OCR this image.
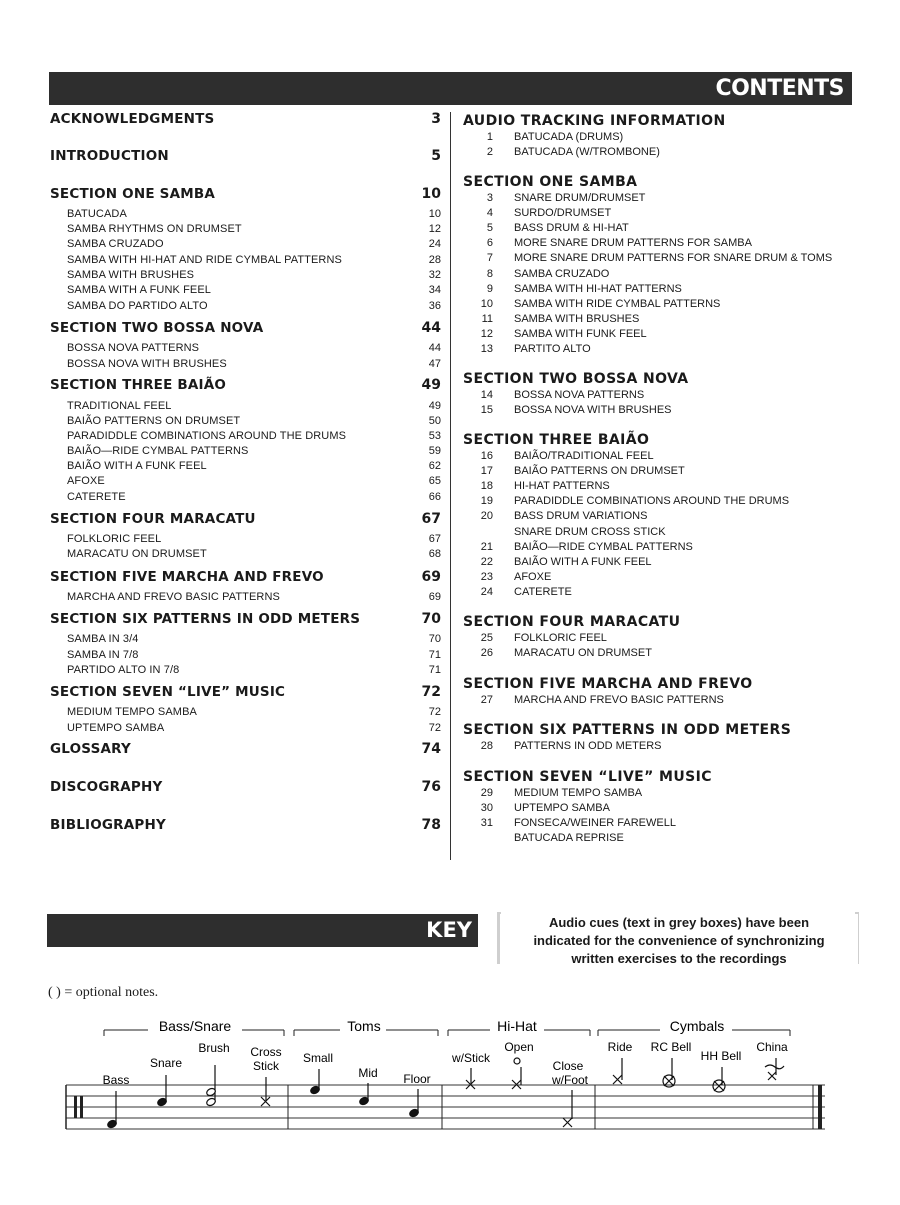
CONTENTS
ACKNOWLEDGMENTS	3
INTRODUCTION	5
SECTION ONE SAMBA	10
BATUCADA	10
SAMBA RHYTHMS ON DRUMSET	12
SAMBA CRUZADO	24
SAMBA WITH HI-HAT AND RIDE CYMBAL PATTERNS	28
SAMBA WITH BRUSHES	32
SAMBA WITH A FUNK FEEL	34
SAMBA DO PARTIDO ALTO	36
SECTION TWO BOSSA NOVA	44
BOSSA NOVA PATTERNS	44
BOSSA NOVA WITH BRUSHES	47
SECTION THREE BAIÃO	49
TRADITIONAL FEEL	49
BAIÃO PATTERNS ON DRUMSET	50
PARADIDDLE COMBINATIONS AROUND THE DRUMS	53
BAIÃO—RIDE CYMBAL PATTERNS	59
BAIÃO WITH A FUNK FEEL	62
AFOXE	65
CATERETE	66
SECTION FOUR MARACATU	67
FOLKLORIC FEEL	67
MARACATU ON DRUMSET	68
SECTION FIVE MARCHA AND FREVO	69
MARCHA AND FREVO BASIC PATTERNS	69
SECTION SIX PATTERNS IN ODD METERS	70
SAMBA IN 3/4	70
SAMBA IN 7/8	71
PARTIDO ALTO IN 7/8	71
SECTION SEVEN “LIVE” MUSIC	72
MEDIUM TEMPO SAMBA	72
UPTEMPO SAMBA	72
GLOSSARY	74
DISCOGRAPHY	76
BIBLIOGRAPHY	78
AUDIO TRACKING INFORMATION
1 BATUCADA (DRUMS)
2 BATUCADA (W/TROMBONE)
SECTION ONE SAMBA
3 SNARE DRUM/DRUMSET
4 SURDO/DRUMSET
5 BASS DRUM & HI-HAT
6 MORE SNARE DRUM PATTERNS FOR SAMBA
7 MORE SNARE DRUM PATTERNS FOR SNARE DRUM & TOMS
8 SAMBA CRUZADO
9 SAMBA WITH HI-HAT PATTERNS
10 SAMBA WITH RIDE CYMBAL PATTERNS
11 SAMBA WITH BRUSHES
12 SAMBA WITH FUNK FEEL
13 PARTITO ALTO
SECTION TWO BOSSA NOVA
14 BOSSA NOVA PATTERNS
15 BOSSA NOVA WITH BRUSHES
SECTION THREE BAIÃO
16 BAIÃO/TRADITIONAL FEEL
17 BAIÃO PATTERNS ON DRUMSET
18 HI-HAT PATTERNS
19 PARADIDDLE COMBINATIONS AROUND THE DRUMS
20 BASS DRUM VARIATIONS
SNARE DRUM CROSS STICK
21 BAIÃO—RIDE CYMBAL PATTERNS
22 BAIÃO WITH A FUNK FEEL
23 AFOXE
24 CATERETE
SECTION FOUR MARACATU
25 FOLKLORIC FEEL
26 MARACATU ON DRUMSET
SECTION FIVE MARCHA AND FREVO
27 MARCHA AND FREVO BASIC PATTERNS
SECTION SIX PATTERNS IN ODD METERS
28 PATTERNS IN ODD METERS
SECTION SEVEN “LIVE” MUSIC
29 MEDIUM TEMPO SAMBA
30 UPTEMPO SAMBA
31 FONSECA/WEINER FAREWELL
BATUCADA REPRISE
KEY	Audio cues (text in grey boxes) have been
indicated for the convenience of synchronizing
written exercises to the recordings
( ) = optional notes.
Bass/Snare	Toms	Hi-Hat	Cymbals
Bass
Snare
Brush Cross
Stick
Small
Mid Floor
w/Stick
Open
Close
w/Foot
Ride RC Bell
HH Bell
China
